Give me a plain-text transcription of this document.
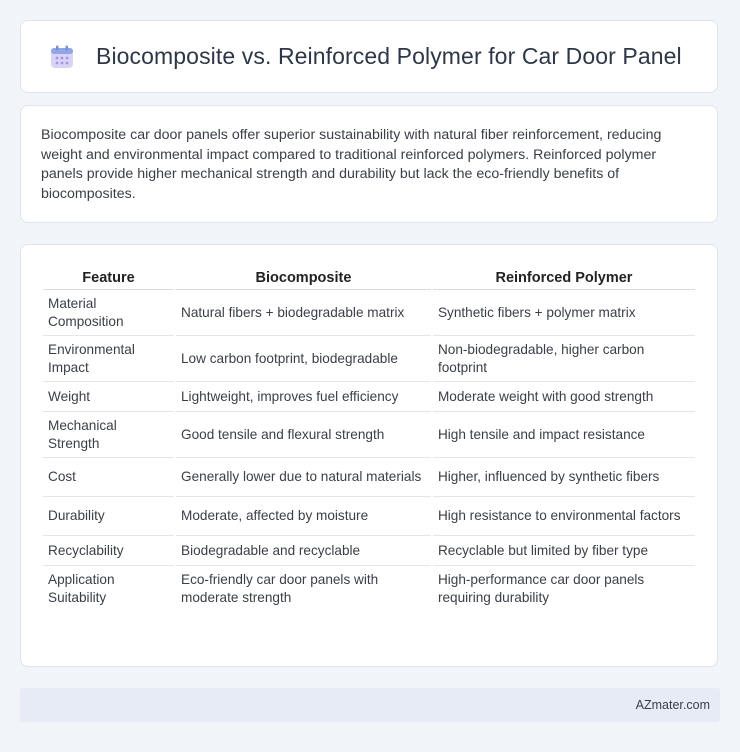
Biocomposite vs. Reinforced Polymer for Car Door Panel

Biocomposite car door panels offer superior sustainability with natural fiber reinforcement, reducing weight and environmental impact compared to traditional reinforced polymers. Reinforced polymer panels provide higher mechanical strength and durability but lack the eco-friendly benefits of biocomposites.

Feature	Biocomposite	Reinforced Polymer
Material Composition	Natural fibers + biodegradable matrix	Synthetic fibers + polymer matrix
Environmental Impact	Low carbon footprint, biodegradable	Non-biodegradable, higher carbon footprint
Weight	Lightweight, improves fuel efficiency	Moderate weight with good strength
Mechanical Strength	Good tensile and flexural strength	High tensile and impact resistance
Cost	Generally lower due to natural materials	Higher, influenced by synthetic fibers
Durability	Moderate, affected by moisture	High resistance to environmental factors
Recyclability	Biodegradable and recyclable	Recyclable but limited by fiber type
Application Suitability	Eco-friendly car door panels with moderate strength	High-performance car door panels requiring durability
AZmater.com
